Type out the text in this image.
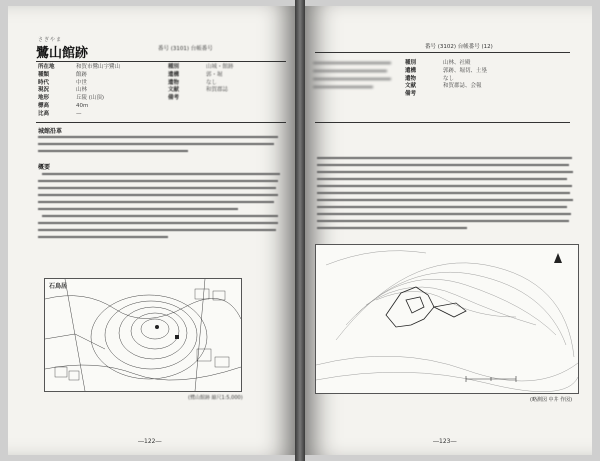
さぎやま
鷺山館跡	番号 (3101) 台帳番号
所在地	和賀市鷺山字鷺山
種類	館跡
時代	中世
現況	山林
地形	丘陵 (山頂)
標高	40m
比高	—
種別	山城・館跡
遺構	郭・堀
遺物	なし
文献	和賀郡誌
備考
城館沿革
概要
石鳥居
(鷺山館跡 縮尺1:5,000)
―122―
番号 (3102) 台帳番号 (12)
種別	山林、社殿
遺構	郭跡、堀切、土塁
遺物	なし
文献	和賀郡誌、会報
備考
(略測図 中井 作図)
―123―
